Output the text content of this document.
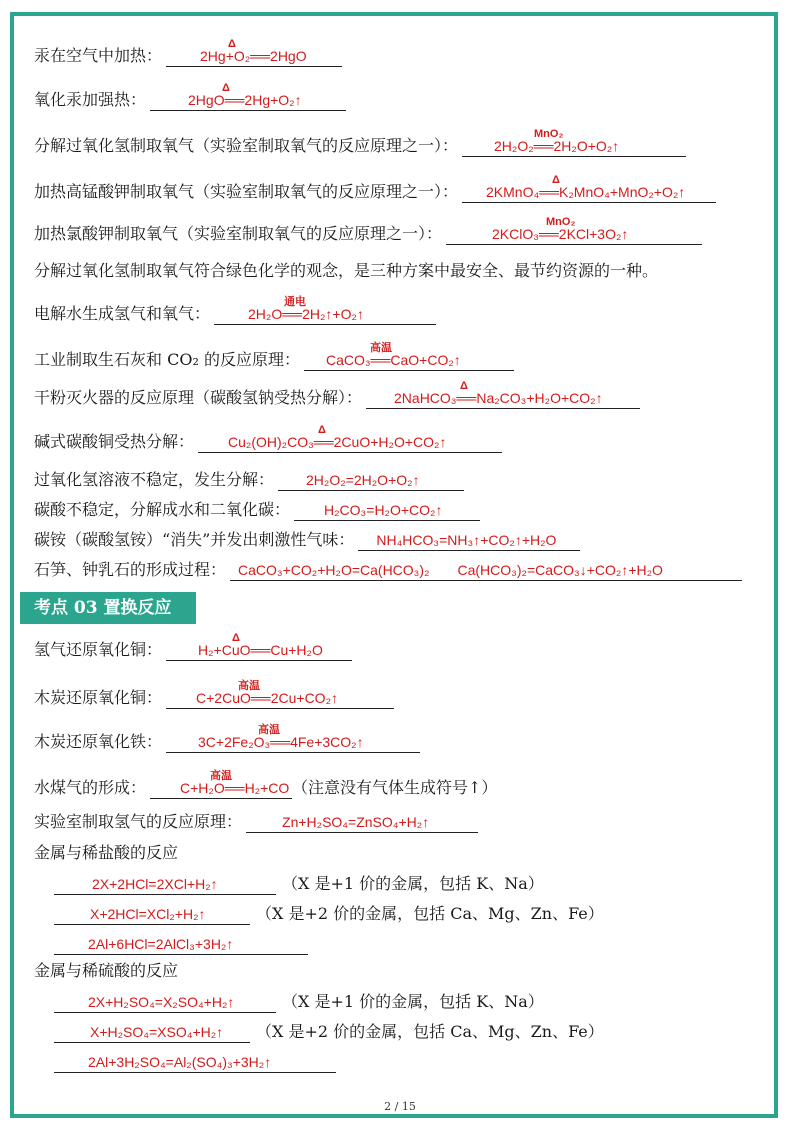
汞在空气中加热：
Δ
2Hg+O₂══2HgO
氧化汞加强热：
Δ
2HgO══2Hg+O₂↑
分解过氧化氢制取氧气（实验室制取氧气的反应原理之一）：
MnO₂
2H₂O₂══2H₂O+O₂↑
加热高锰酸钾制取氧气（实验室制取氧气的反应原理之一）：
Δ
2KMnO₄══K₂MnO₄+MnO₂+O₂↑
加热氯酸钾制取氧气（实验室制取氧气的反应原理之一）：
MnO₂
2KClO₃══2KCl+3O₂↑
分解过氧化氢制取氧气符合绿色化学的观念，是三种方案中最安全、最节约资源的一种。
电解水生成氢气和氧气：
通电
2H₂O══2H₂↑+O₂↑
工业制取生石灰和 CO₂ 的反应原理：
高温
CaCO₃══CaO+CO₂↑
干粉灭火器的反应原理（碳酸氢钠受热分解）：
Δ
2NaHCO₃══Na₂CO₃+H₂O+CO₂↑
碱式碳酸铜受热分解：
Δ
Cu₂(OH)₂CO₃══2CuO+H₂O+CO₂↑
过氧化氢溶液不稳定，发生分解： 2H₂O₂=2H₂O+O₂↑
碳酸不稳定，分解成水和二氧化碳： H₂CO₃=H₂O+CO₂↑
碳铵（碳酸氢铵）“消失”并发出刺激性气味： NH₄HCO₃=NH₃↑+CO₂↑+H₂O
石笋、钟乳石的形成过程： CaCO₃+CO₂+H₂O=Ca(HCO₃)₂　　Ca(HCO₃)₂=CaCO₃↓+CO₂↑+H₂O
考点 03 置换反应
氢气还原氧化铜：
Δ
H₂+CuO══Cu+H₂O
木炭还原氧化铜：
高温
C+2CuO══2Cu+CO₂↑
木炭还原氧化铁：
高温
3C+2Fe₂O₃══4Fe+3CO₂↑
水煤气的形成：
高温
C+H₂O══H₂+CO （注意没有气体生成符号↑）
实验室制取氢气的反应原理：	Zn+H₂SO₄=ZnSO₄+H₂↑
金属与稀盐酸的反应
2X+2HCl=2XCl+H₂↑	（X 是+1 价的金属，包括 K、Na）
X+2HCl=XCl₂+H₂↑	（X 是+2 价的金属，包括 Ca、Mg、Zn、Fe）
2Al+6HCl=2AlCl₃+3H₂↑
金属与稀硫酸的反应
2X+H₂SO₄=X₂SO₄+H₂↑	（X 是+1 价的金属，包括 K、Na）
X+H₂SO₄=XSO₄+H₂↑ （X 是+2 价的金属，包括 Ca、Mg、Zn、Fe）
2Al+3H₂SO₄=Al₂(SO₄)₃+3H₂↑
2 / 15
